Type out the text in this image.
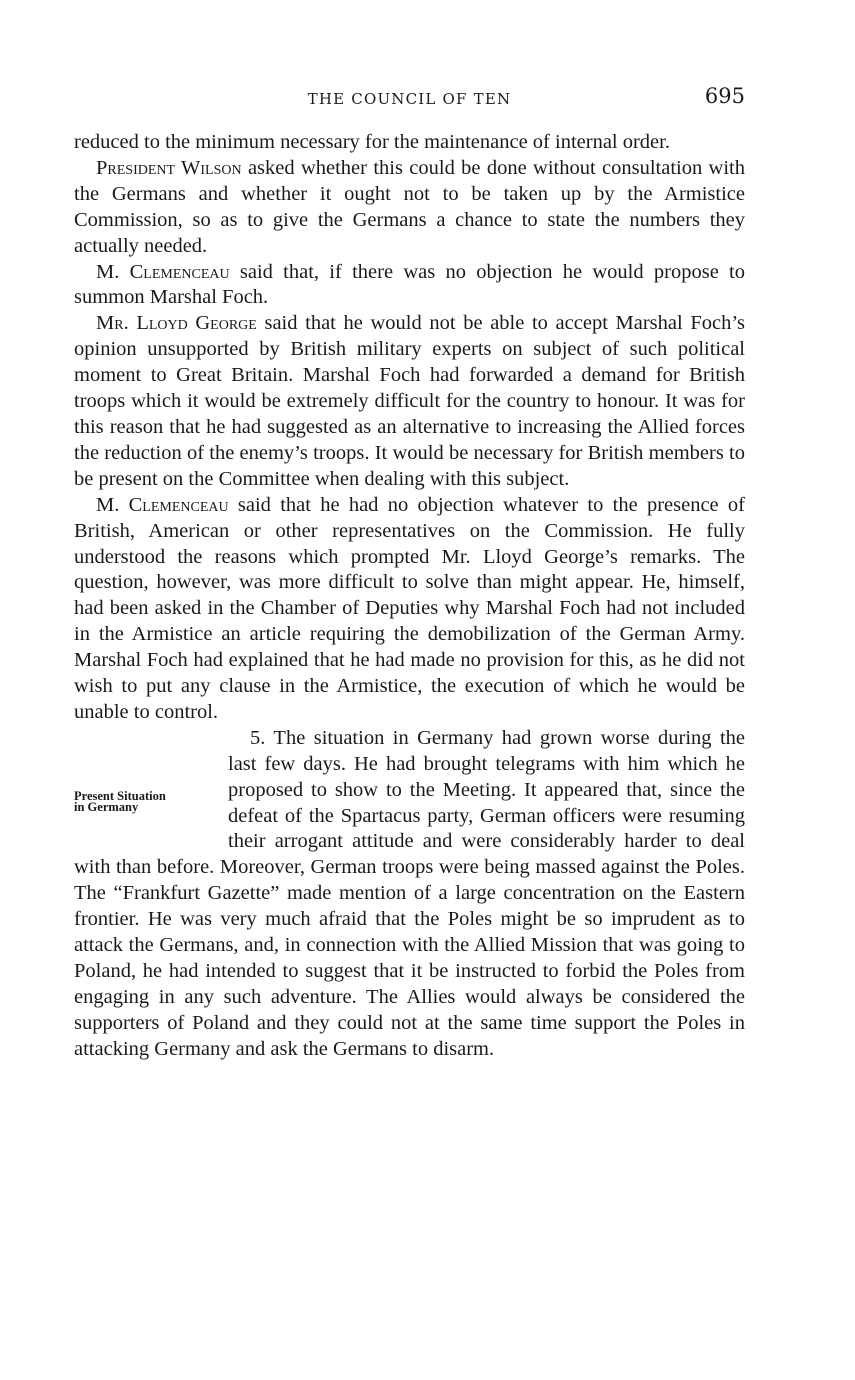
THE COUNCIL OF TEN	695

reduced to the minimum necessary for the maintenance of internal order.

President Wilson asked whether this could be done without consultation with the Germans and whether it ought not to be taken up by the Armistice Commission, so as to give the Germans a chance to state the numbers they actually needed.

M. Clemenceau said that, if there was no objection he would propose to summon Marshal Foch.

Mr. Lloyd George said that he would not be able to accept Marshal Foch’s opinion unsupported by British military experts on subject of such political moment to Great Britain. Marshal Foch had forwarded a demand for British troops which it would be extremely difficult for the country to honour. It was for this reason that he had suggested as an alternative to increasing the Allied forces the reduction of the enemy’s troops. It would be necessary for British members to be present on the Committee when dealing with this subject.

M. Clemenceau said that he had no objection whatever to the presence of British, American or other representatives on the Commission. He fully understood the reasons which prompted Mr. Lloyd George’s remarks. The question, however, was more difficult to solve than might appear. He, himself, had been asked in the Chamber of Deputies why Marshal Foch had not included in the Armistice an article requiring the demobilization of the German Army. Marshal Foch had explained that he had made no provision for this, as he did not wish to put any clause in the Armistice, the execution of which he would be unable to control.

Present Situation
in Germany

5. The situation in Germany had grown worse during the last few days. He had brought telegrams with him which he proposed to show to the Meeting. It appeared that, since the defeat of the Spartacus party, German officers were resuming their arrogant attitude and were considerably harder to deal with than before. Moreover, German troops were being massed against the Poles. The “Frankfurt Gazette” made mention of a large concentration on the Eastern frontier. He was very much afraid that the Poles might be so imprudent as to attack the Germans, and, in connection with the Allied Mission that was going to Poland, he had intended to suggest that it be instructed to forbid the Poles from engaging in any such adventure. The Allies would always be considered the supporters of Poland and they could not at the same time support the Poles in attacking Germany and ask the Germans to disarm.
